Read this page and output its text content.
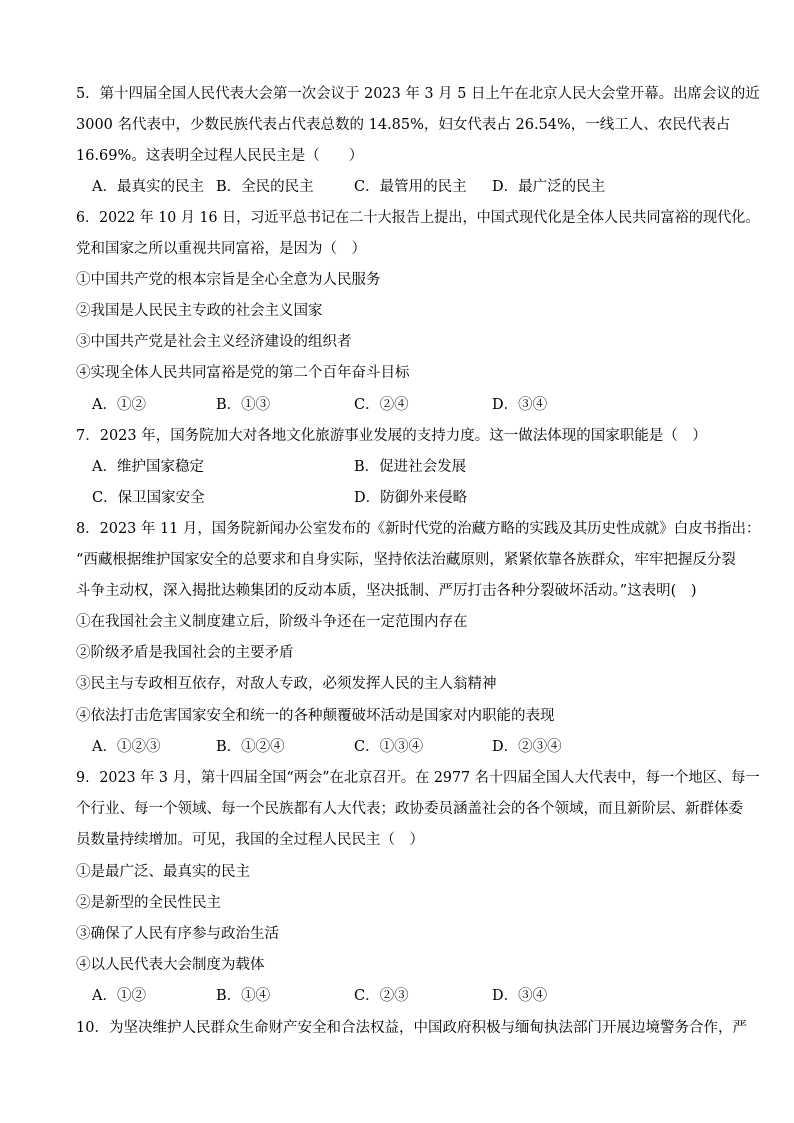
5．第十四届全国人民代表大会第一次会议于 2023 年 3 月 5 日上午在北京人民大会堂开幕。出席会议的近
3000 名代表中，少数民族代表占代表总数的 14.85%，妇女代表占 26.54%，一线工人、农民代表占
16.69%。这表明全过程人民民主是（　　）
A．最真实的民主 B．全民的民主	C．最管用的民主 D．最广泛的民主
6．2022 年 10 月 16 日，习近平总书记在二十大报告上提出，中国式现代化是全体人民共同富裕的现代化。
党和国家之所以重视共同富裕，是因为（　）
①中国共产党的根本宗旨是全心全意为人民服务
②我国是人民民主专政的社会主义国家
③中国共产党是社会主义经济建设的组织者
④实现全体人民共同富裕是党的第二个百年奋斗目标
A．①②	B．①③	C．②④	D．③④
7．2023 年，国务院加大对各地文化旅游事业发展的支持力度。这一做法体现的国家职能是（　）
A．维护国家稳定	B．促进社会发展
C．保卫国家安全	D．防御外来侵略
8．2023 年 11 月，国务院新闻办公室发布的《新时代党的治藏方略的实践及其历史性成就》白皮书指出：
“西藏根据维护国家安全的总要求和自身实际，坚持依法治藏原则，紧紧依靠各族群众，牢牢把握反分裂
斗争主动权，深入揭批达赖集团的反动本质，坚决抵制、严厉打击各种分裂破坏活动。”这表明(　)
①在我国社会主义制度建立后，阶级斗争还在一定范围内存在
②阶级矛盾是我国社会的主要矛盾
③民主与专政相互依存，对敌人专政，必须发挥人民的主人翁精神
④依法打击危害国家安全和统一的各种颠覆破坏活动是国家对内职能的表现
A．①②③	B．①②④	C．①③④	D．②③④
9．2023 年 3 月，第十四届全国“两会”在北京召开。在 2977 名十四届全国人大代表中，每一个地区、每一
个行业、每一个领域、每一个民族都有人大代表；政协委员涵盖社会的各个领域，而且新阶层、新群体委
员数量持续增加。可见，我国的全过程人民民主（　）
①是最广泛、最真实的民主
②是新型的全民性民主
③确保了人民有序参与政治生活
④以人民代表大会制度为载体
A．①②	B．①④	C．②③	D．③④
10．为坚决维护人民群众生命财产安全和合法权益，中国政府积极与缅甸执法部门开展边境警务合作，严
